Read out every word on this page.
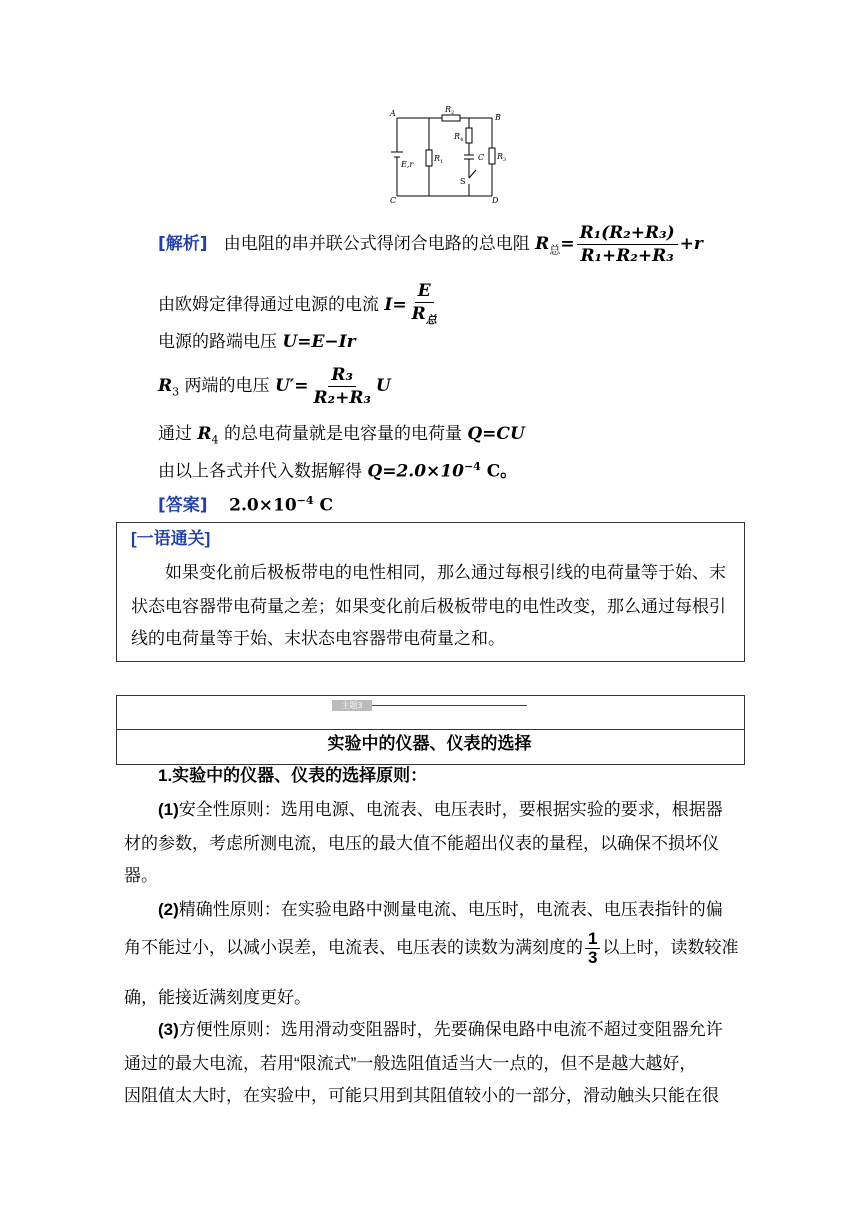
A	B
C	D
R 2
R 1
R 4
C
S
R 3
E,r
[解析] 由电阻的串并联公式得闭合电路的总电阻 $R_总= \frac{\text{R₁(R₂+R₃)}}{\text{R₁+R₂+R₃}} +r$
由欧姆定律得通过电源的电流 $I= \frac{E}{R_总}$
电源的路端电压 U=E−Ir
$R_3$ 两端的电压 $U'= \frac{\text{R₃}}{\text{R₂+R₃}}$ U
通过 $R_4$ 的总电荷量就是电容量的电荷量 Q=CU
由以上各式并代入数据解得 $Q=2.0\times 10^{-4}$ C。
[答案] $2.0\times 10^{-4}$ C

[一语通关]

如果变化前后极板带电的电性相同，那么通过每根引线的电荷量等于始、末

状态电容器带电荷量之差；如果变化前后极板带电的电性改变，那么通过每根引

线的电荷量等于始、末状态电容器带电荷量之和。

主题3
实验中的仪器、仪表的选择
1.实验中的仪器、仪表的选择原则：
(1)安全性原则：选用电源、电流表、电压表时，要根据实验的要求，根据器
材的参数，考虑所测电流，电压的最大值不能超出仪表的量程，以确保不损坏仪
器。
(2)精确性原则：在实验电路中测量电流、电压时，电流表、电压表指针的偏
角不能过小，以减小误差，电流表、电压表的读数为满刻度的 $\frac{1}{3}$ 以上时，读数较准
确，能接近满刻度更好。
(3)方便性原则：选用滑动变阻器时，先要确保电路中电流不超过变阻器允许
通过的最大电流，若用“限流式”一般选阻值适当大一点的，但不是越大越好，
因阻值太大时，在实验中，可能只用到其阻值较小的一部分，滑动触头只能在很
